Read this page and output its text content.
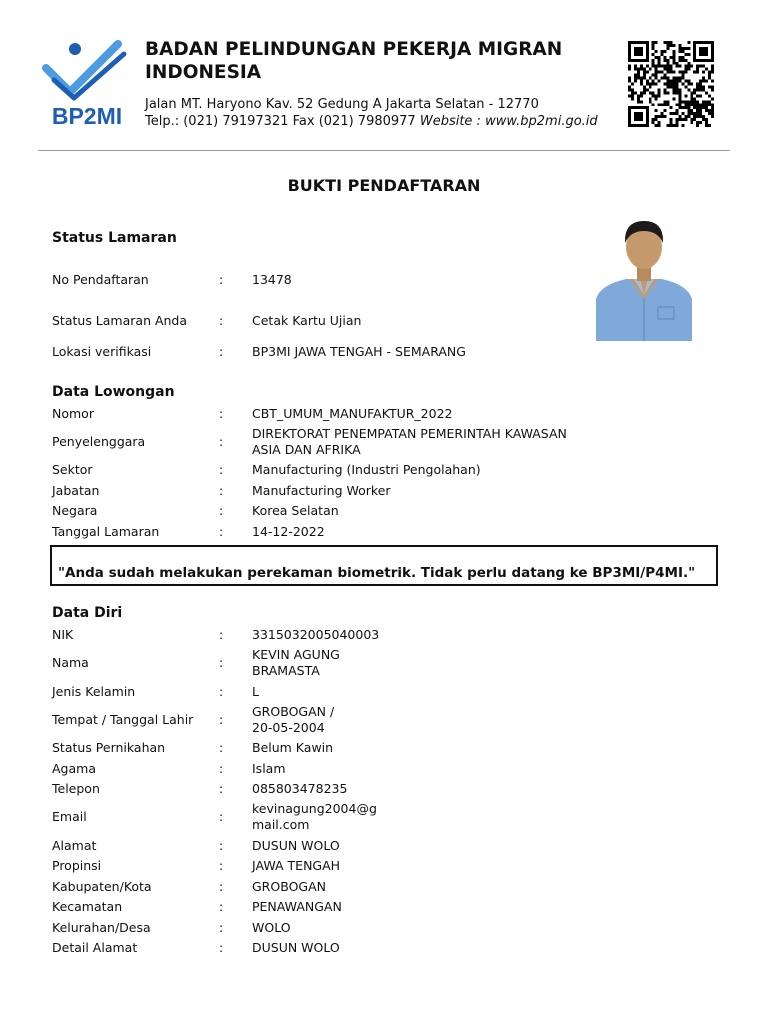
BP2MI
BADAN PELINDUNGAN PEKERJA MIGRAN INDONESIA
Jalan MT. Haryono Kav. 52 Gedung A Jakarta Selatan - 12770
Telp.: (021) 79197321 Fax (021) 7980977 Website : www.bp2mi.go.id
BUKTI PENDAFTARAN
Status Lamaran
No Pendaftaran	: 13478
Status Lamaran Anda	: Cetak Kartu Ujian
Lokasi verifikasi	: BP3MI JAWA TENGAH - SEMARANG
Data Lowongan
Nomor	: CBT_UMUM_MANUFAKTUR_2022
Penyelenggara	:
DIREKTORAT PENEMPATAN PEMERINTAH KAWASAN
ASIA DAN AFRIKA
Sektor	: Manufacturing (Industri Pengolahan)
Jabatan	: Manufacturing Worker
Negara	: Korea Selatan
Tanggal Lamaran	: 14-12-2022
"Anda sudah melakukan perekaman biometrik. Tidak perlu datang ke BP3MI/P4MI."
Data Diri
NIK	: 3315032005040003
Nama	:
KEVIN AGUNG
BRAMASTA
Jenis Kelamin	: L
Tempat / Tanggal Lahir :
GROBOGAN /
20-05-2004
Status Pernikahan	: Belum Kawin
Agama	: Islam
Telepon	: 085803478235
Email	:
kevinagung2004@g
mail.com
Alamat	: DUSUN WOLO
Propinsi	: JAWA TENGAH
Kabupaten/Kota	: GROBOGAN
Kecamatan	: PENAWANGAN
Kelurahan/Desa	: WOLO
Detail Alamat	: DUSUN WOLO
